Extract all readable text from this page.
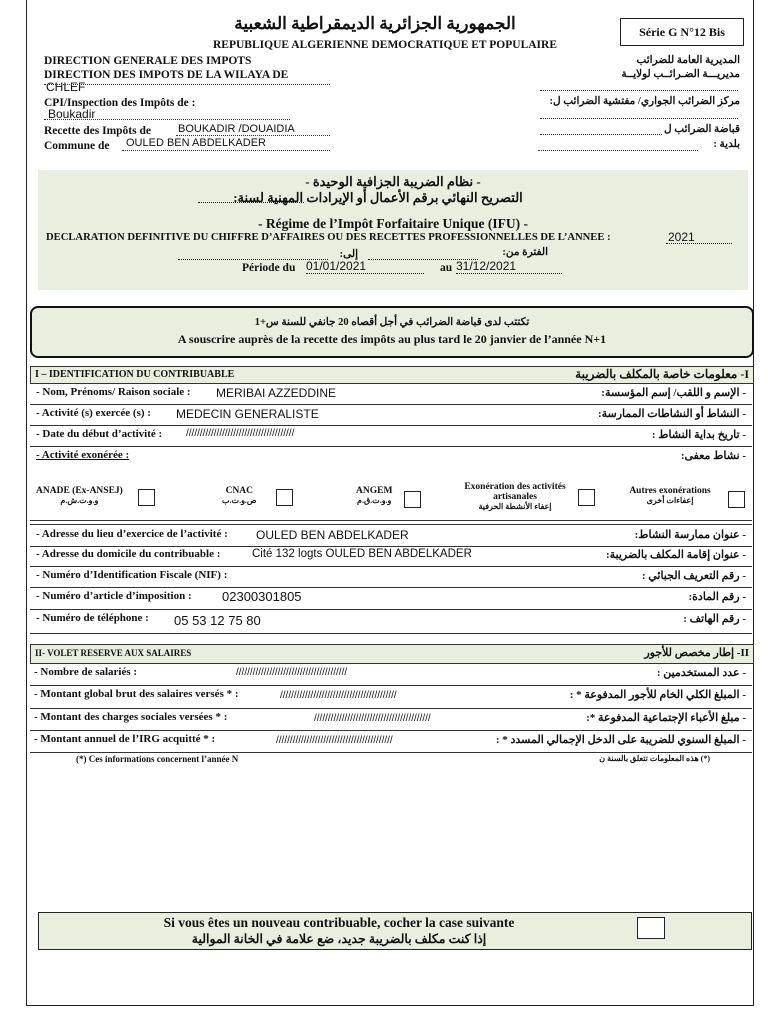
الجمهورية الجزائرية الديمقراطية الشعبية
REPUBLIQUE ALGERIENNE DEMOCRATIQUE ET POPULAIRE
Série G N°12 Bis
DIRECTION GENERALE DES IMPOTS
DIRECTION DES IMPOTS DE LA WILAYA DE
CHLEF
CPI/Inspection des Impôts de :
Boukadir
Recette des Impôts de BOUKADIR /DOUAIDIA
Commune de OULED BEN ABDELKADER
المديرية العامة للضرائب
مديريـــة الضـرائــب لولايــة
مركز الضرائب الجواري/ مفتشية الضرائب ل:
قباضة الضرائب ل
بلدية :
- نظام الضريبة الجزافية الوحيدة -
التصريح النهائي برقم الأعمال أو الإيرادات المهنية لسنة:
- Régime de l’Impôt Forfaitaire Unique (IFU) -
DECLARATION DEFINITIVE DU CHIFFRE D’AFFAIRES OU DES RECETTES PROFESSIONNELLES DE L’ANNEE :	2021
الفترة من:
إلى:
Période du 01/01/2021	au 31/12/2021
تكتتب لدى قباضة الضرائب في أجل أقصاه 20 جانفي للسنة س+1
A souscrire auprès de la recette des impôts au plus tard le 20 janvier de l’année N+1
I – IDENTIFICATION DU CONTRIBUABLE	I- معلومات خاصة بالمكلف بالضريبة
- Nom, Prénoms/ Raison sociale : MERIBAI AZZEDDINE	- الإسم و اللقب/ إسم المؤسسة:
- Activité (s) exercée (s) : MEDECIN GENERALISTE	- النشاط أو النشاطات الممارسة:
- Date du début d’activité : ///////////////////////////////////////	- تاريخ بداية النشاط :
- Activité exonérée :	- نشاط معفى:
ANADE (Ex-ANSEJ)
و.و.ت.ش.م
CNAC
ص.و.ت.ب
ANGEM
و.و.ت.ق.م
Exonération des activités artisanales
إعفاء الأنشطة الحرفية
Autres exonérations
إعفاءات أخرى
- Adresse du lieu d’exercice de l’activité : OULED BEN ABDELKADER	- عنوان ممارسة النشاط:
- Adresse du domicile du contribuable :	Cité 132 logts OULED BEN ABDELKADER	- عنوان إقامة المكلف بالضريبة:
- Numéro d’Identification Fiscale (NIF) :	- رقم التعريف الجبائي :
- Numéro d’article d’imposition : 02300301805	- رقم المادة:
- Numéro de téléphone : 05 53 12 75 80	- رقم الهاتف :
II- VOLET RESERVE AUX SALAIRES	II- إطار مخصص للأجور
- Nombre de salariés :	////////////////////////////////////////	- عدد المستخدمين :
- Montant global brut des salaires versés * :	//////////////////////////////////////////	- المبلغ الكلي الخام للأجور المدفوعة * :
- Montant des charges sociales versées * :	//////////////////////////////////////////	- مبلغ الأعباء الإجتماعية المدفوعة *:
- Montant annuel de l’IRG acquitté * :	//////////////////////////////////////////	- المبلغ السنوي للضريبة على الدخل الإجمالي المسدد * :
(*) Ces informations concernent l’année N	(*) هذه المعلومات تتعلق بالسنة ن
Si vous êtes un nouveau contribuable, cocher la case suivante
إذا كنت مكلف بالضريبة جديد، ضع علامة في الخانة الموالية
